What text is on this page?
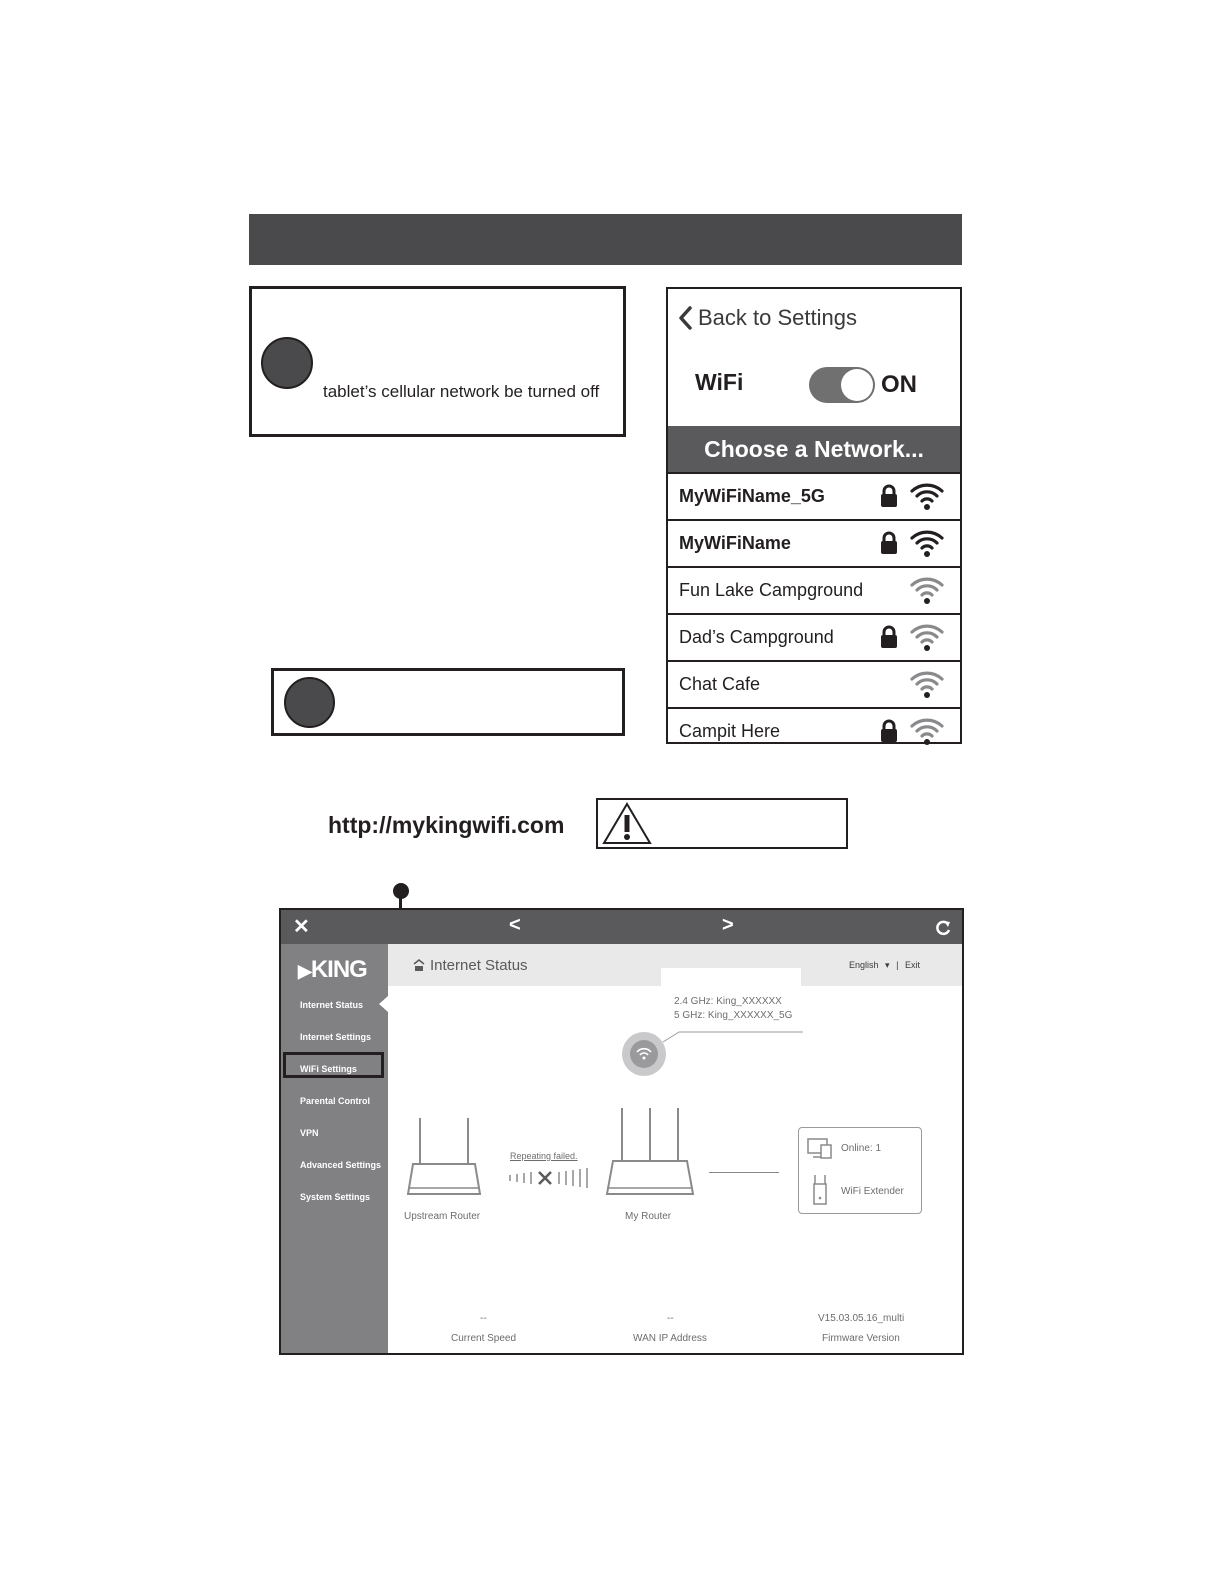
tablet’s cellular network be turned off
Back to Settings
WiFi	ON
Choose a Network...
MyWiFiName_5G
MyWiFiName
Fun Lake Campground
Dad’s Campground
Chat Cafe
Campit Here
http://mykingwifi.com
✕	<	>
▶KING
Internet Status
Internet Settings
WiFi Settings
Parental Control
VPN
Advanced Settings
System Settings
Internet Status	English ▾ | Exit
2.4 GHz: King_XXXXXX
5 GHz: King_XXXXXX_5G
Upstream Router
Repeating failed.
My Router
Online: 1
WiFi Extender
--
Current Speed
--
WAN IP Address
V15.03.05.16_multi
Firmware Version
